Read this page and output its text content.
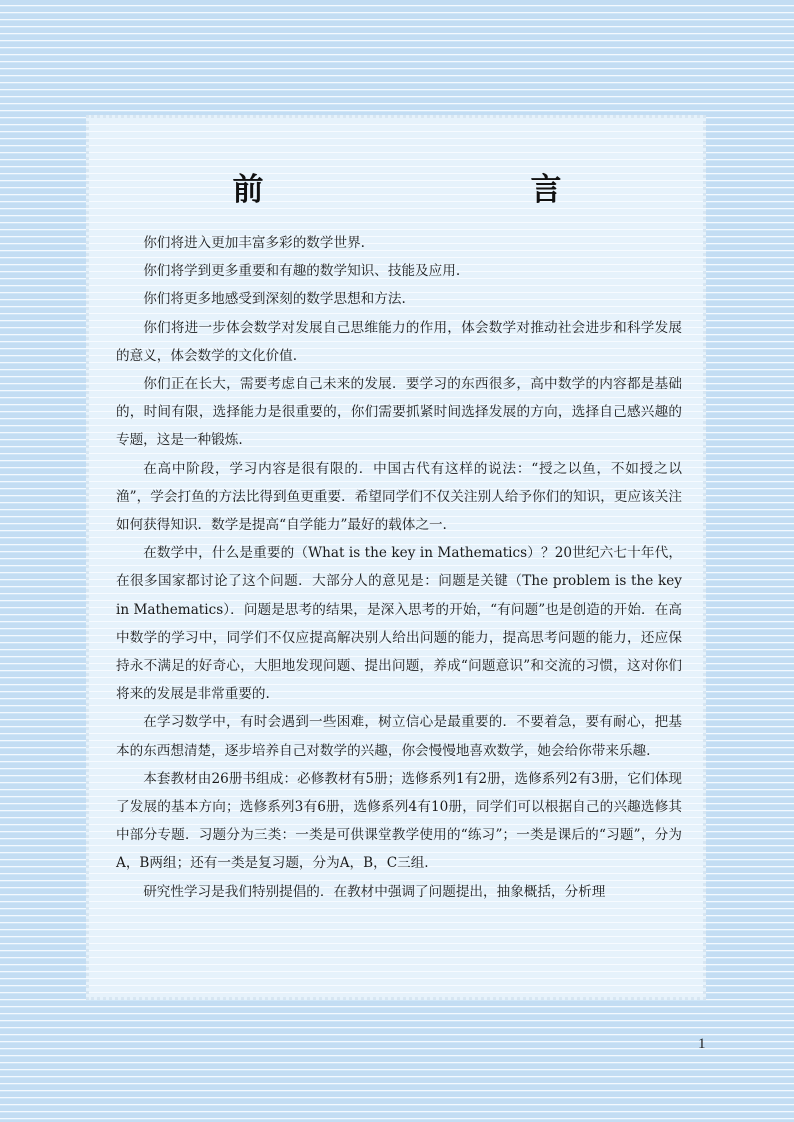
前　言

你们将进入更加丰富多彩的数学世界.

你们将学到更多重要和有趣的数学知识、技能及应用.

你们将更多地感受到深刻的数学思想和方法.

你们将进一步体会数学对发展自己思维能力的作用，体会数学对推动社会进步和科学发展的意义，体会数学的文化价值.

你们正在长大，需要考虑自己未来的发展．要学习的东西很多，高中数学的内容都是基础的，时间有限，选择能力是很重要的，你们需要抓紧时间选择发展的方向，选择自己感兴趣的专题，这是一种锻炼.

在高中阶段，学习内容是很有限的．中国古代有这样的说法：“授之以鱼，不如授之以渔”，学会打鱼的方法比得到鱼更重要．希望同学们不仅关注别人给予你们的知识，更应该关注如何获得知识．数学是提高“自学能力”最好的载体之一.

在数学中，什么是重要的（What is the key in Mathematics）？20世纪六七十年代，在很多国家都讨论了这个问题．大部分人的意见是：问题是关键（The problem is the key in Mathematics）．问题是思考的结果，是深入思考的开始，“有问题”也是创造的开始．在高中数学的学习中，同学们不仅应提高解决别人给出问题的能力，提高思考问题的能力，还应保持永不满足的好奇心，大胆地发现问题、提出问题，养成“问题意识”和交流的习惯，这对你们将来的发展是非常重要的.

在学习数学中，有时会遇到一些困难，树立信心是最重要的．不要着急，要有耐心，把基本的东西想清楚，逐步培养自己对数学的兴趣，你会慢慢地喜欢数学，她会给你带来乐趣.

本套教材由26册书组成：必修教材有5册；选修系列1有2册，选修系列2有3册，它们体现了发展的基本方向；选修系列3有6册，选修系列4有10册，同学们可以根据自己的兴趣选修其中部分专题．习题分为三类：一类是可供课堂教学使用的“练习”；一类是课后的“习题”，分为A，B两组；还有一类是复习题，分为A，B，C三组.

研究性学习是我们特别提倡的．在教材中强调了问题提出，抽象概括，分析理

1
